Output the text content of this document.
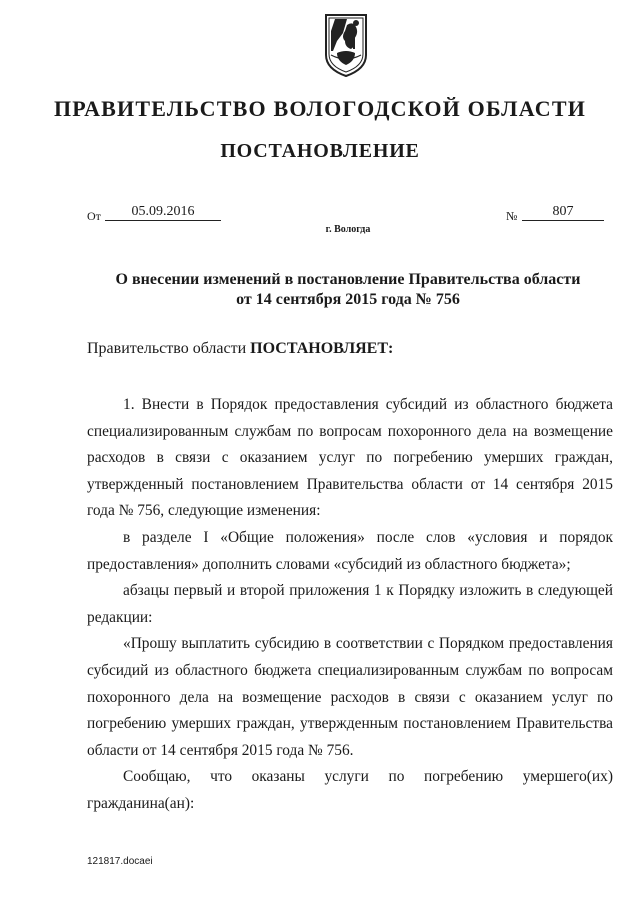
ПРАВИТЕЛЬСТВО ВОЛОГОДСКОЙ ОБЛАСТИ
ПОСТАНОВЛЕНИЕ
От	05.09.2016	№	807
г. Вологда
О внесении изменений в постановление Правительства области
от 14 сентября 2015 года № 756
Правительство области ПОСТАНОВЛЯЕТ:

1. Внести в Порядок предоставления субсидий из областного бюджета специализированным службам по вопросам похоронного дела на возмещение расходов в связи с оказанием услуг по погребению умерших граждан, утвержденный постановлением Правительства области от 14 сентября 2015 года № 756, следующие изменения:

в разделе I «Общие положения» после слов «условия и порядок предоставления» дополнить словами «субсидий из областного бюджета»;

абзацы первый и второй приложения 1 к Порядку изложить в следующей редакции:

«Прошу выплатить субсидию в соответствии с Порядком предоставления субсидий из областного бюджета специализированным службам по вопросам похоронного дела на возмещение расходов в связи с оказанием услуг по погребению умерших граждан, утвержденным постановлением Правительства области от 14 сентября 2015 года № 756.

Сообщаю, что оказаны услуги по погребению умершего(их) гражданина(ан):

121817.docaei
